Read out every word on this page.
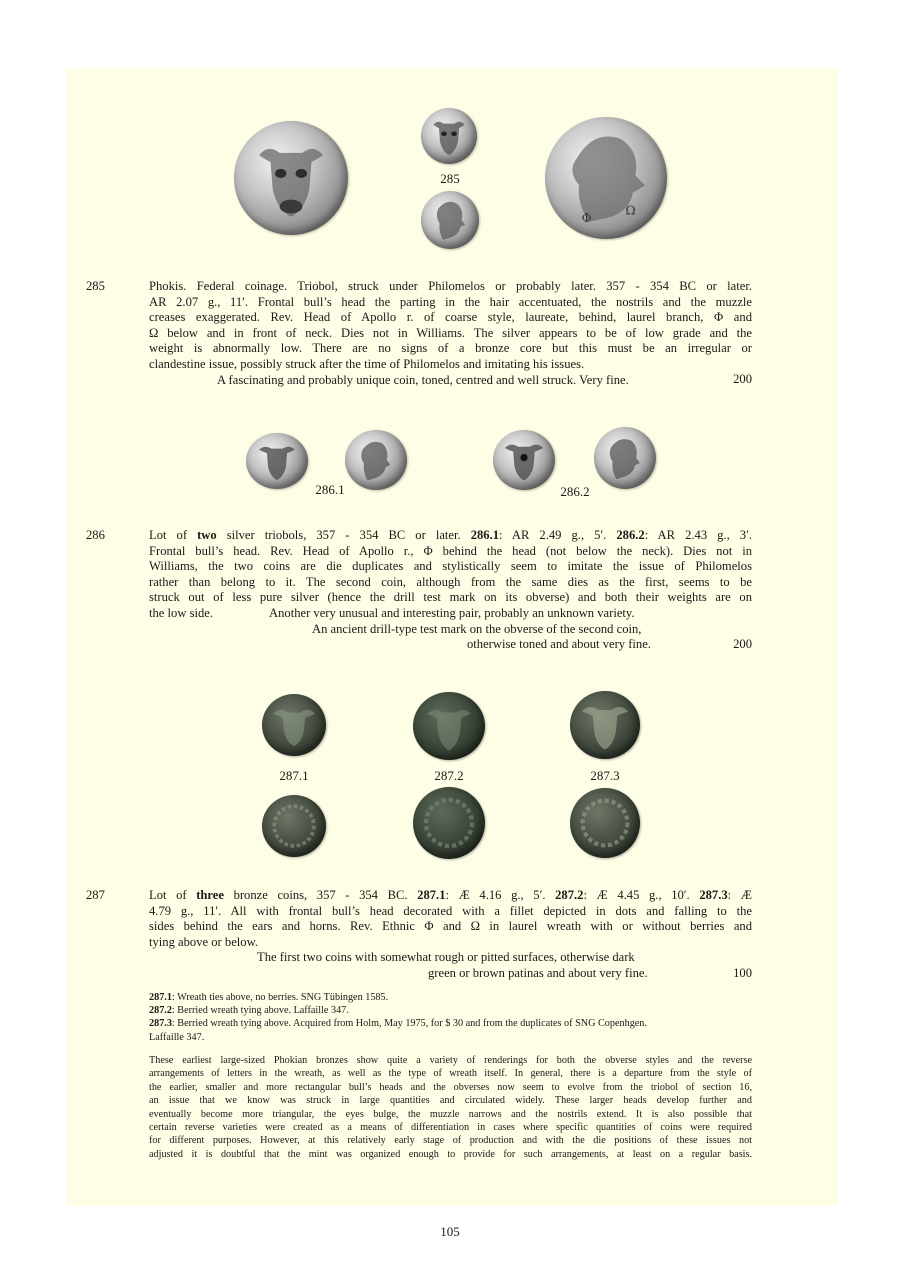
285
Φ
Ω
285	Phokis. Federal coinage. Triobol, struck under Philomelos or probably later. 357 - 354 BC or later.
AR 2.07 g., 11′. Frontal bull’s head the parting in the hair accentuated, the nostrils and the muzzle
creases exaggerated. Rev. Head of Apollo r. of coarse style, laureate, behind, laurel branch, Φ and
Ω below and in front of neck. Dies not in Williams. The silver appears to be of low grade and the
weight is abnormally low. There are no signs of a bronze core but this must be an irregular or
clandestine issue, possibly struck after the time of Philomelos and imitating his issues.
A fascinating and probably unique coin, toned, centred and well struck. Very fine.	200
286.1	286.2
286	Lot of two silver triobols, 357 - 354 BC or later. 286.1: AR 2.49 g., 5′. 286.2: AR 2.43 g., 3′.
Frontal bull’s head. Rev. Head of Apollo r., Φ behind the head (not below the neck). Dies not in
Williams, the two coins are die duplicates and stylistically seem to imitate the issue of Philomelos
rather than belong to it. The second coin, although from the same dies as the first, seems to be
struck out of less pure silver (hence the drill test mark on its obverse) and both their weights are on
the low side.	Another very unusual and interesting pair, probably an unknown variety.
An ancient drill-type test mark on the obverse of the second coin,
otherwise toned and about very fine.	200
287.1	287.2	287.3
287	Lot of three bronze coins, 357 - 354 BC. 287.1: Æ 4.16 g., 5′. 287.2: Æ 4.45 g., 10′. 287.3: Æ
4.79 g., 11′. All with frontal bull’s head decorated with a fillet depicted in dots and falling to the
sides behind the ears and horns. Rev. Ethnic Φ and Ω in laurel wreath with or without berries and
tying above or below.
The first two coins with somewhat rough or pitted surfaces, otherwise dark
green or brown patinas and about very fine.	100

287.1: Wreath ties above, no berries. SNG Tübingen 1585.

287.2: Berried wreath tying above. Laffaille 347.

287.3: Berried wreath tying above. Acquired from Holm, May 1975, for $ 30 and from the duplicates of SNG Copenhgen.

Laffaille 347.

These earliest large-sized Phokian bronzes show quite a variety of renderings for both the obverse styles and the reverse
arrangements of letters in the wreath, as well as the type of wreath itself. In general, there is a departure from the style of
the earlier, smaller and more rectangular bull’s heads and the obverses now seem to evolve from the triobol of section 16,
an issue that we know was struck in large quantities and circulated widely. These larger heads develop further and
eventually become more triangular, the eyes bulge, the muzzle narrows and the nostrils extend. It is also possible that
certain reverse varieties were created as a means of differentiation in cases where specific quantities of coins were required
for different purposes. However, at this relatively early stage of production and with the die positions of these issues not
adjusted it is doubtful that the mint was organized enough to provide for such arrangements, at least on a regular basis.
105
